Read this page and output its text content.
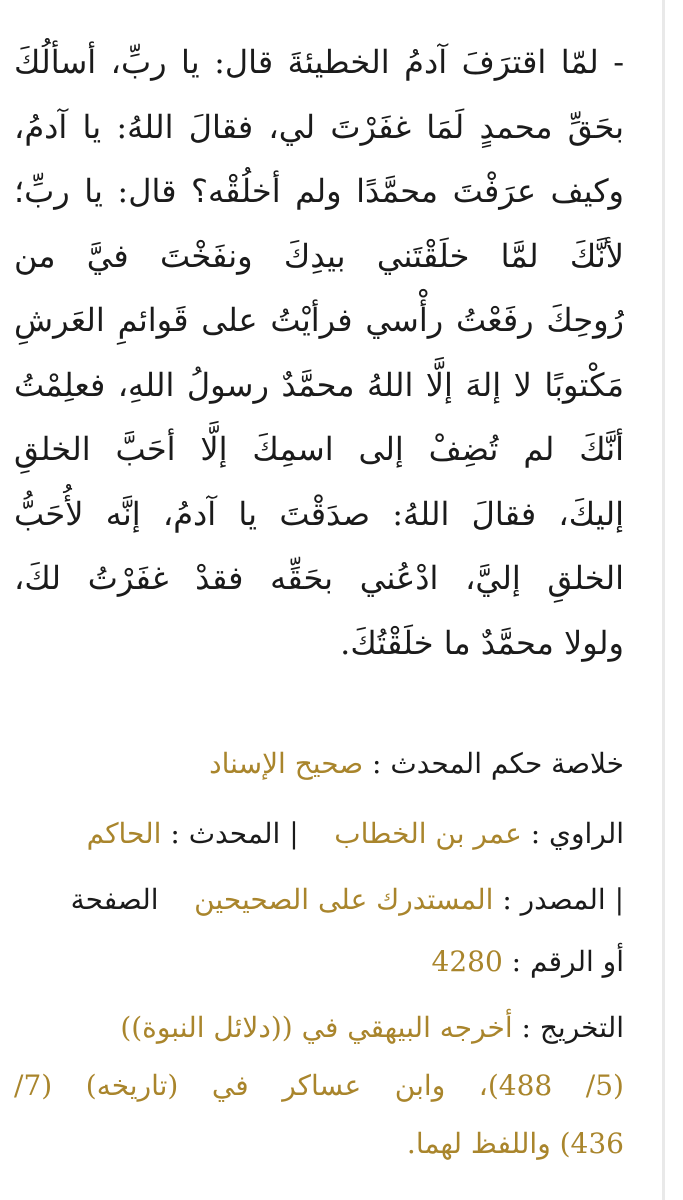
- لمّا اقترَفَ آدمُ الخطيئةَ قال: يا ربِّ، أسألُكَ
بحَقِّ محمدٍ لَمَا غفَرْتَ لي، فقالَ اللهُ: يا آدمُ،
وكيف عرَفْتَ محمَّدًا ولم أخلُقْه؟ قال: يا ربِّ؛
لأنَّكَ لمَّا خلَقْتَني بيدِكَ ونفَخْتَ فيَّ من
رُوحِكَ رفَعْتُ رأْسي فرأيْتُ على قَوائمِ العَرشِ
مَكْتوبًا لا إلهَ إلَّا اللهُ محمَّدٌ رسولُ اللهِ، فعلِمْتُ
أنَّكَ لم تُضِفْ إلى اسمِكَ إلَّا أحَبَّ الخلقِ
إليكَ، فقالَ اللهُ: صدَقْتَ يا آدمُ، إنَّه لأُحَبُّ
الخلقِ إليَّ، ادْعُني بحَقِّه فقدْ غفَرْتُ لكَ،
ولولا محمَّدٌ ما خلَقْتُكَ.
خلاصة حكم المحدث : صحيح الإسناد
الراوي : عمر بن الخطاب    | المحدث : الحاكم
| المصدر : المستدرك على الصحيحين    الصفحة
أو الرقم : 4280
التخريج : أخرجه البيهقي في ((دلائل النبوة))
(5/ 488)، وابن عساكر في (تاريخه) (7/
436) واللفظ لهما.
